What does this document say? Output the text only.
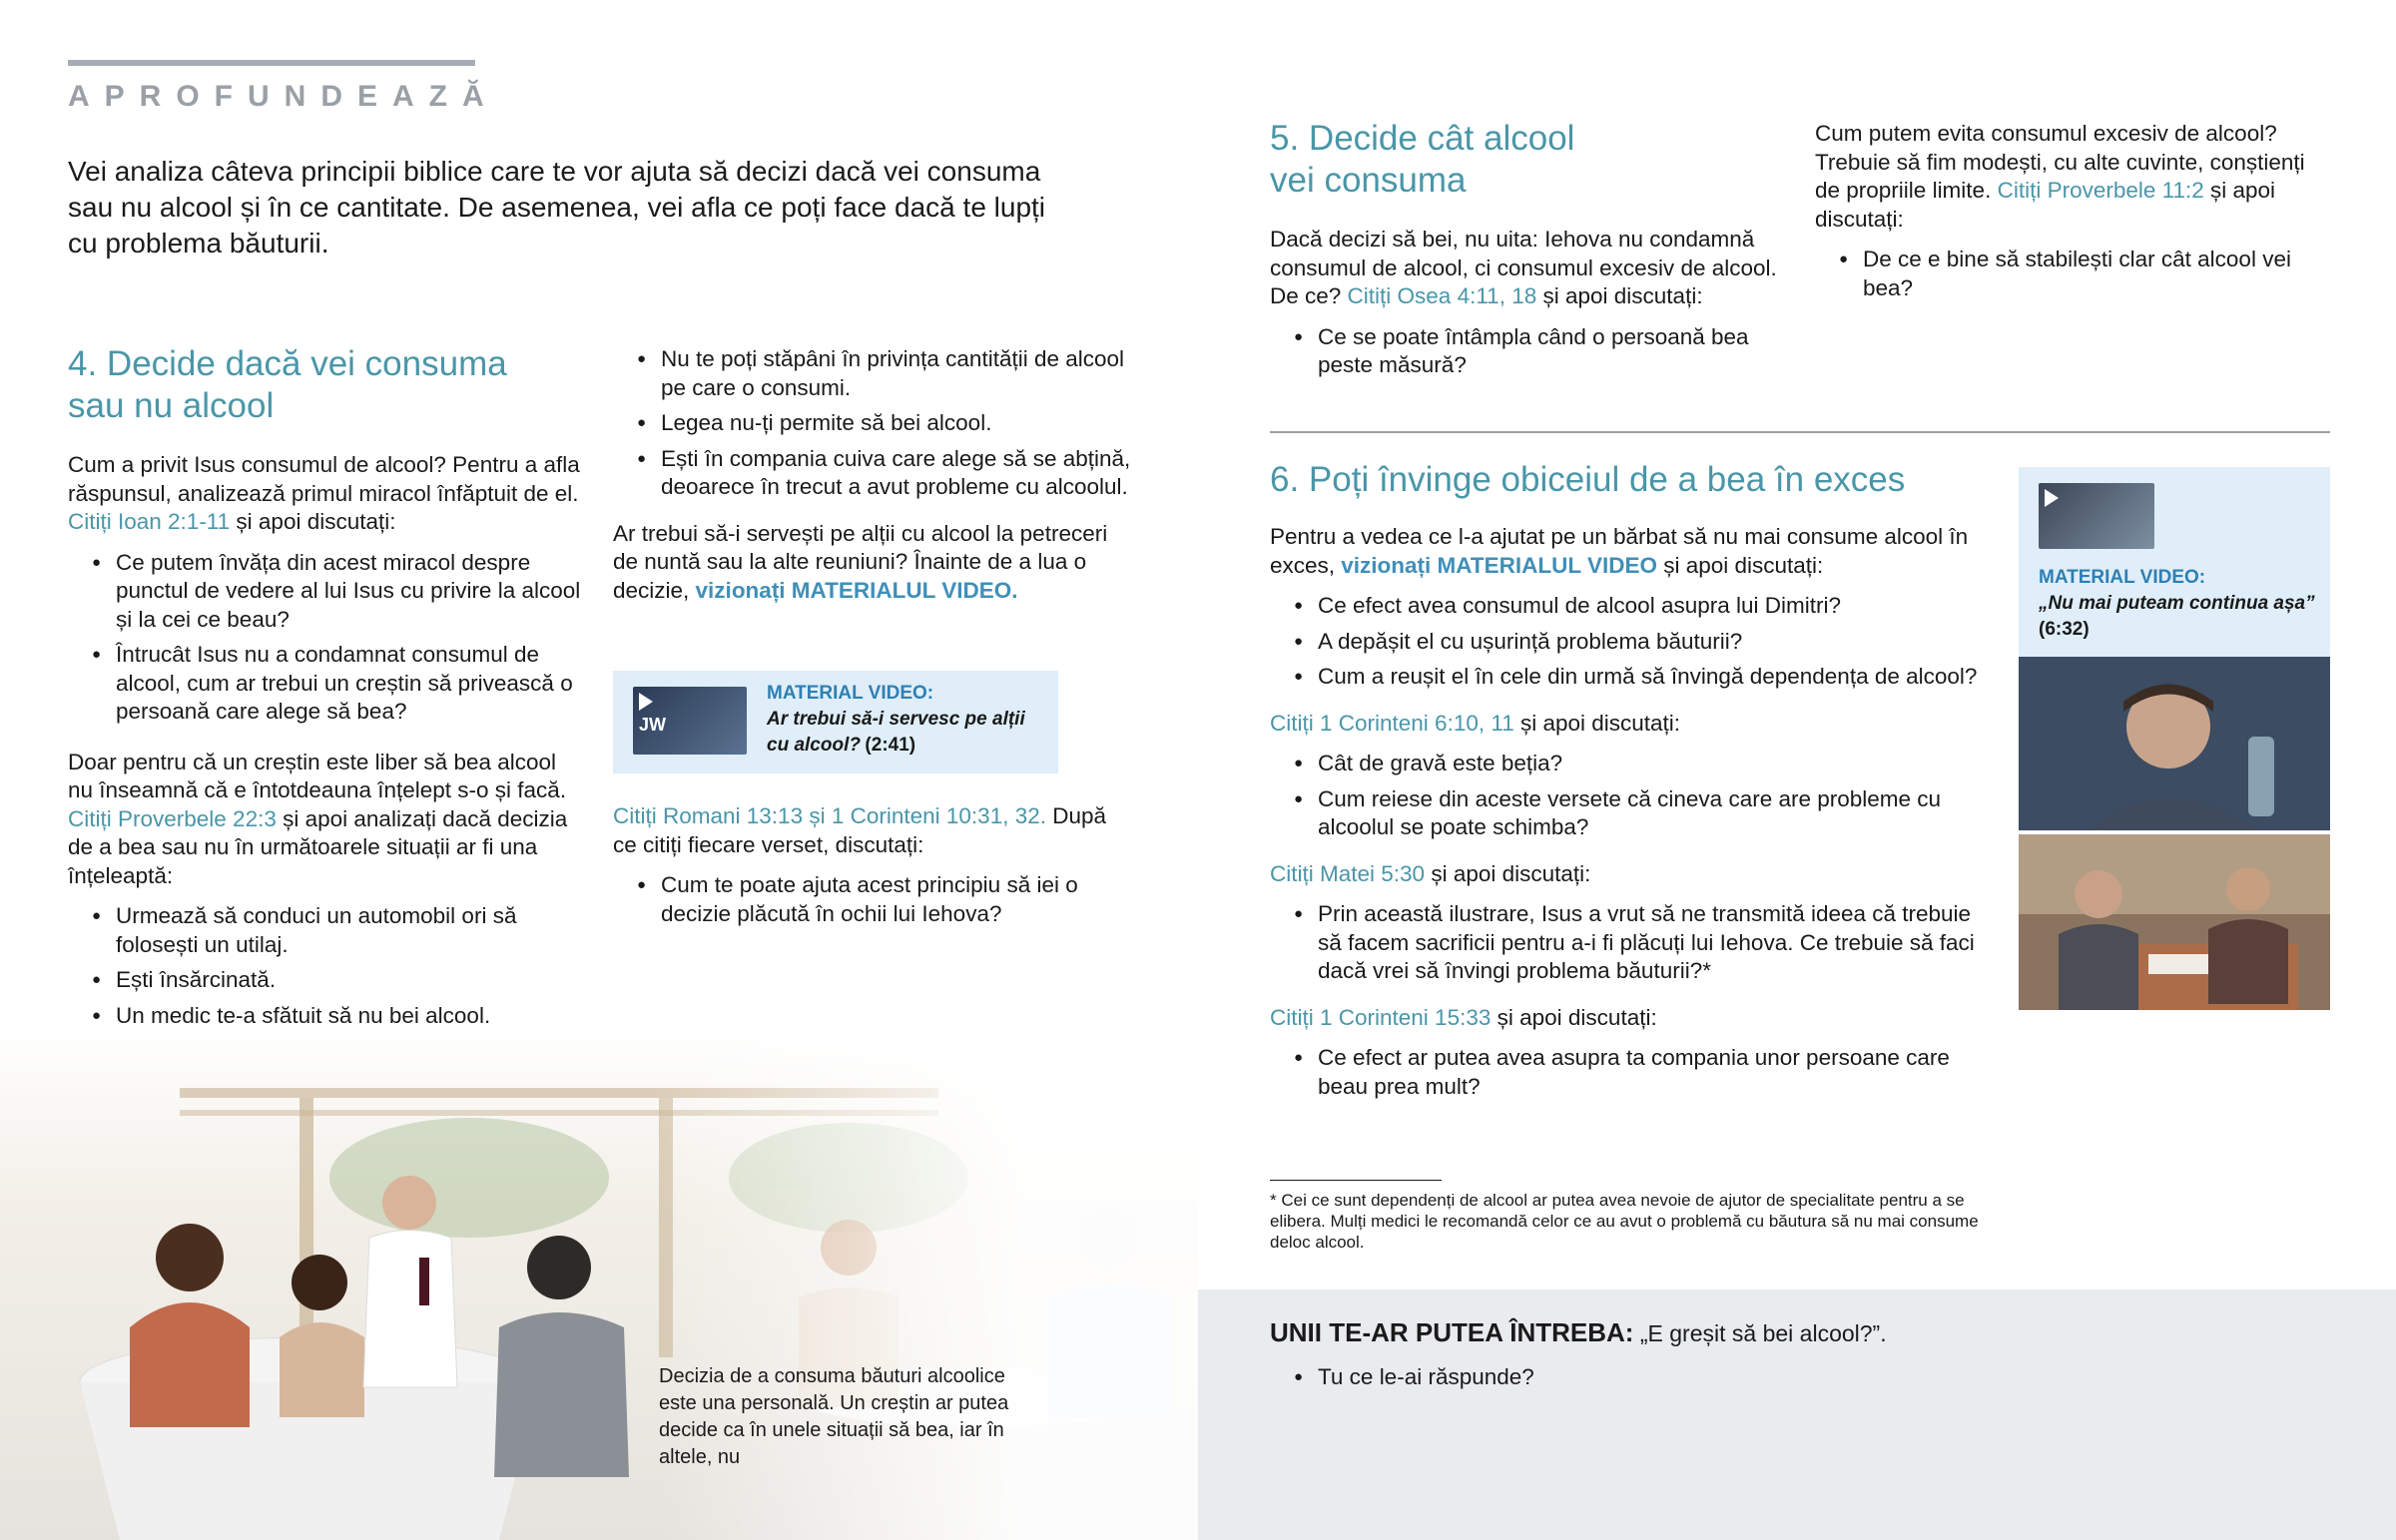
APROFUNDEAZĂ
Vei analiza câteva principii biblice care te vor ajuta să decizi dacă vei consuma sau nu alcool și în ce cantitate. De asemenea, vei afla ce poți face dacă te lupți cu problema băuturii.
4. Decide dacă vei consuma
sau nu alcool

Cum a privit Isus consumul de alcool? Pentru a afla răspunsul, analizează primul miracol înfăptuit de el. Citiți Ioan 2:1-11 și apoi discutați:

● Ce putem învăța din acest miracol despre punctul de vedere al lui Isus cu privire la alcool și la cei ce beau?
● Întrucât Isus nu a condamnat consumul de alcool, cum ar trebui un creștin să privească o persoană care alege să bea?

Doar pentru că un creștin este liber să bea alcool nu înseamnă că e întotdeauna înțelept s-o și facă. Citiți Proverbele 22:3 și apoi analizați dacă decizia de a bea sau nu în următoarele situații ar fi una înțeleaptă:

● Urmează să conduci un automobil ori să folosești un utilaj.
● Ești însărcinată.
● Un medic te-a sfătuit să nu bei alcool.
● Nu te poți stăpâni în privința cantității de alcool pe care o consumi.
● Legea nu-ți permite să bei alcool.
● Ești în compania cuiva care alege să se abțină, deoarece în trecut a avut probleme cu alcoolul.

Ar trebui să-i servești pe alții cu alcool la petreceri de nuntă sau la alte reuniuni? Înainte de a lua o decizie, vizionați MATERIALUL VIDEO.

JW
MATERIAL VIDEO:
Ar trebui să-i servesc pe alții cu alcool? (2:41)

Citiți Romani 13:13 și 1 Corinteni 10:31, 32. După ce citiți fiecare verset, discutați:

● Cum te poate ajuta acest principiu să iei o decizie plăcută în ochii lui Iehova?
Decizia de a consuma băuturi alcoolice este una personală. Un creștin ar putea decide ca în unele situații să bea, iar în altele, nu
5. Decide cât alcool
vei consuma

Dacă decizi să bei, nu uita: Iehova nu condamnă consumul de alcool, ci consumul excesiv de alcool. De ce? Citiți Osea 4:11, 18 și apoi discutați:

● Ce se poate întâmpla când o persoană bea peste măsură?

Cum putem evita consumul excesiv de alcool? Trebuie să fim modești, cu alte cuvinte, conștienți de propriile limite. Citiți Proverbele 11:2 și apoi discutați:

● De ce e bine să stabilești clar cât alcool vei bea?
6. Poți învinge obiceiul de a bea în exces

Pentru a vedea ce l-a ajutat pe un bărbat să nu mai consume alcool în exces, vizionați MATERIALUL VIDEO și apoi discutați:

● Ce efect avea consumul de alcool asupra lui Dimitri?
● A depășit el cu ușurință problema băuturii?
● Cum a reușit el în cele din urmă să învingă dependența de alcool?

Citiți 1 Corinteni 6:10, 11 și apoi discutați:

● Cât de gravă este beția?
● Cum reiese din aceste versete că cineva care are probleme cu alcoolul se poate schimba?

Citiți Matei 5:30 și apoi discutați:

● Prin această ilustrare, Isus a vrut să ne transmită ideea că trebuie să facem sacrificii pentru a-i fi plăcuți lui Iehova. Ce trebuie să faci dacă vrei să învingi problema băuturii?*

Citiți 1 Corinteni 15:33 și apoi discutați:

● Ce efect ar putea avea asupra ta compania unor persoane care beau prea mult?
* Cei ce sunt dependenți de alcool ar putea avea nevoie de ajutor de specialitate pentru a se elibera. Mulți medici le recomandă celor ce au avut o problemă cu băutura să nu mai consume deloc alcool.
MATERIAL VIDEO:
„Nu mai puteam continua așa”
(6:32)
UNII TE-AR PUTEA ÎNTREBA: „E greșit să bei alcool?”.
● Tu ce le-ai răspunde?
